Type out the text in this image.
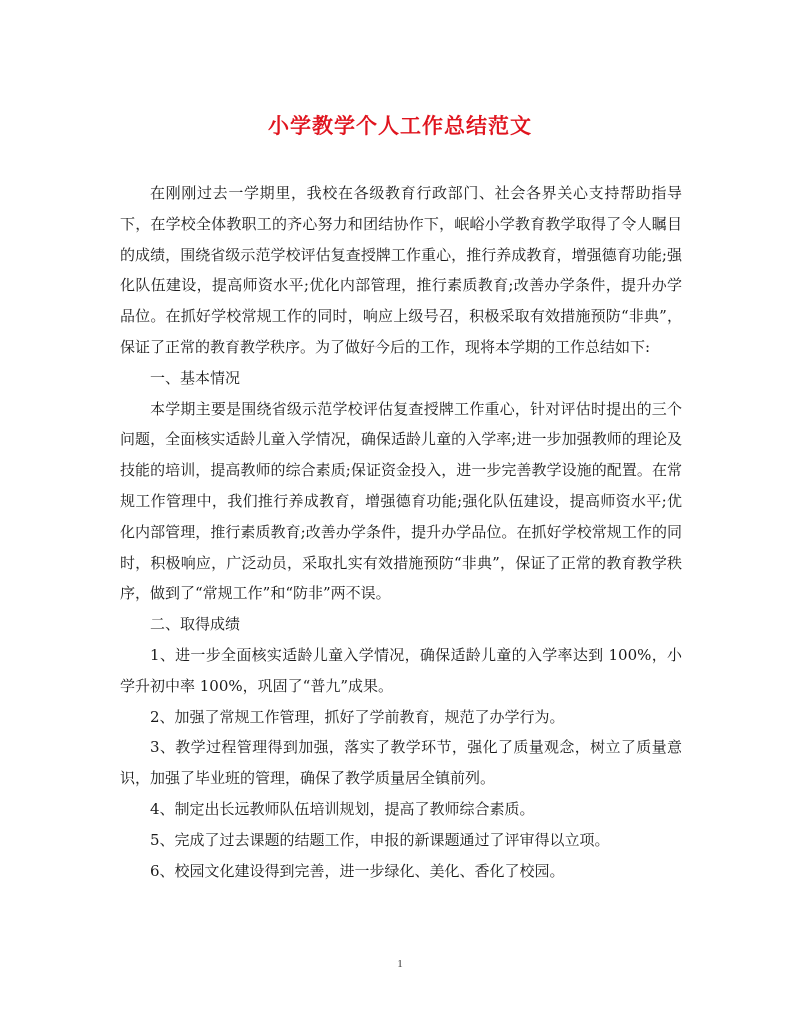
小学教学个人工作总结范文

在刚刚过去一学期里，我校在各级教育行政部门、社会各界关心支持帮助指导下，在学校全体教职工的齐心努力和团结协作下，岷峪小学教育教学取得了令人瞩目的成绩，围绕省级示范学校评估复查授牌工作重心，推行养成教育，增强德育功能;强化队伍建设，提高师资水平;优化内部管理，推行素质教育;改善办学条件，提升办学品位。在抓好学校常规工作的同时，响应上级号召，积极采取有效措施预防“非典”，保证了正常的教育教学秩序。为了做好今后的工作，现将本学期的工作总结如下:

一、基本情况

本学期主要是围绕省级示范学校评估复查授牌工作重心，针对评估时提出的三个问题，全面核实适龄儿童入学情况，确保适龄儿童的入学率;进一步加强教师的理论及技能的培训，提高教师的综合素质;保证资金投入，进一步完善教学设施的配置。在常规工作管理中，我们推行养成教育，增强德育功能;强化队伍建设，提高师资水平;优化内部管理，推行素质教育;改善办学条件，提升办学品位。在抓好学校常规工作的同时，积极响应，广泛动员，采取扎实有效措施预防“非典”，保证了正常的教育教学秩序，做到了“常规工作”和“防非”两不误。

二、取得成绩

1、进一步全面核实适龄儿童入学情况，确保适龄儿童的入学率达到 100%，小学升初中率 100%，巩固了“普九”成果。

2、加强了常规工作管理，抓好了学前教育，规范了办学行为。

3、教学过程管理得到加强，落实了教学环节，强化了质量观念，树立了质量意识，加强了毕业班的管理，确保了教学质量居全镇前列。

4、制定出长远教师队伍培训规划，提高了教师综合素质。

5、完成了过去课题的结题工作，申报的新课题通过了评审得以立项。

6、校园文化建设得到完善，进一步绿化、美化、香化了校园。

1
